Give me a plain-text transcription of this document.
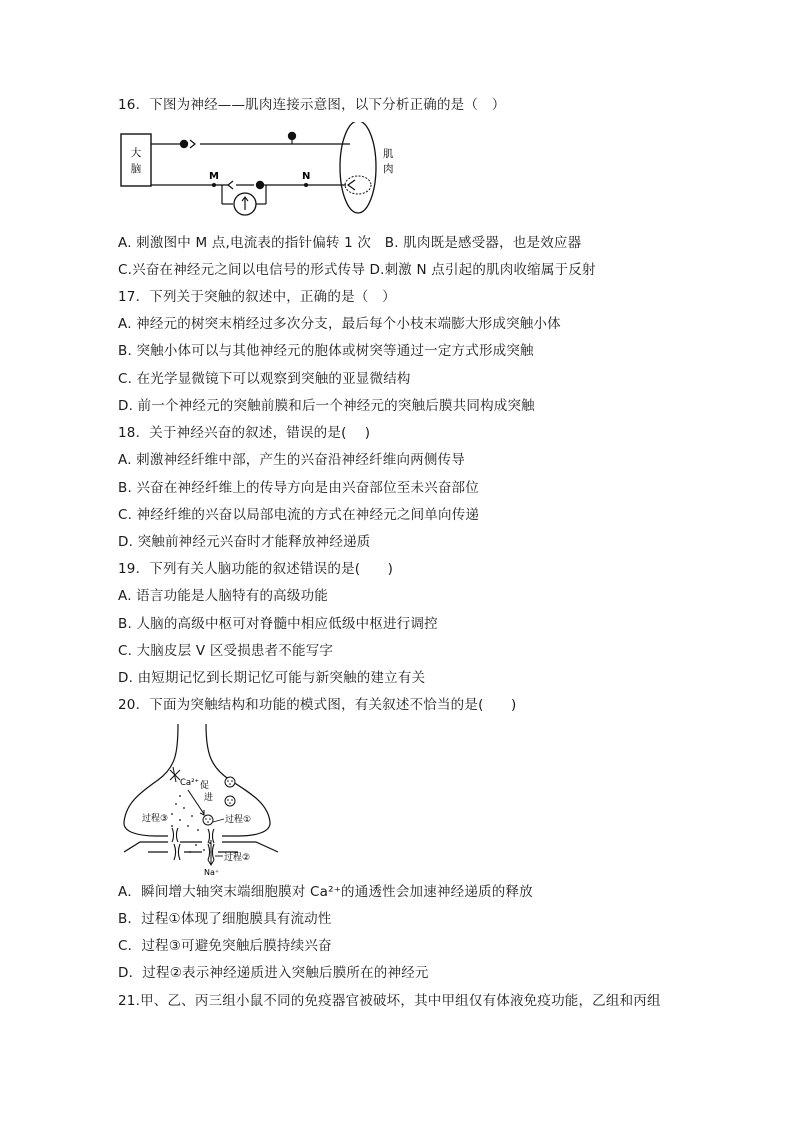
16．下图为神经——肌肉连接示意图，以下分析正确的是（　）
大
脑
M	N
肌
肉
A. 刺激图中 M 点,电流表的指针偏转 1 次　B. 肌肉既是感受器，也是效应器
C.兴奋在神经元之间以电信号的形式传导 D.刺激 N 点引起的肌肉收缩属于反射
17．下列关于突触的叙述中，正确的是（　）
A. 神经元的树突末梢经过多次分支，最后每个小枝末端膨大形成突触小体
B. 突触小体可以与其他神经元的胞体或树突等通过一定方式形成突触
C. 在光学显微镜下可以观察到突触的亚显微结构
D. 前一个神经元的突触前膜和后一个神经元的突触后膜共同构成突触
18．关于神经兴奋的叙述，错误的是(　 )
A. 刺激神经纤维中部，产生的兴奋沿神经纤维向两侧传导
B. 兴奋在神经纤维上的传导方向是由兴奋部位至未兴奋部位
C. 神经纤维的兴奋以局部电流的方式在神经元之间单向传递
D. 突触前神经元兴奋时才能释放神经递质
19．下列有关人脑功能的叙述错误的是(　　)
A. 语言功能是人脑特有的高级功能
B. 人脑的高级中枢可对脊髓中相应低级中枢进行调控
C. 大脑皮层 V 区受损患者不能写字
D. 由短期记忆到长期记忆可能与新突触的建立有关
20．下面为突触结构和功能的模式图，有关叙述不恰当的是(　　)
Ca²⁺ 促
进
过程③	过程①
过程②
Na⁺
A．瞬间增大轴突末端细胞膜对 Ca²⁺的通透性会加速神经递质的释放
B．过程①体现了细胞膜具有流动性
C．过程③可避免突触后膜持续兴奋
D．过程②表示神经递质进入突触后膜所在的神经元
21.甲、乙、丙三组小鼠不同的免疫器官被破坏，其中甲组仅有体液免疫功能，乙组和丙组
